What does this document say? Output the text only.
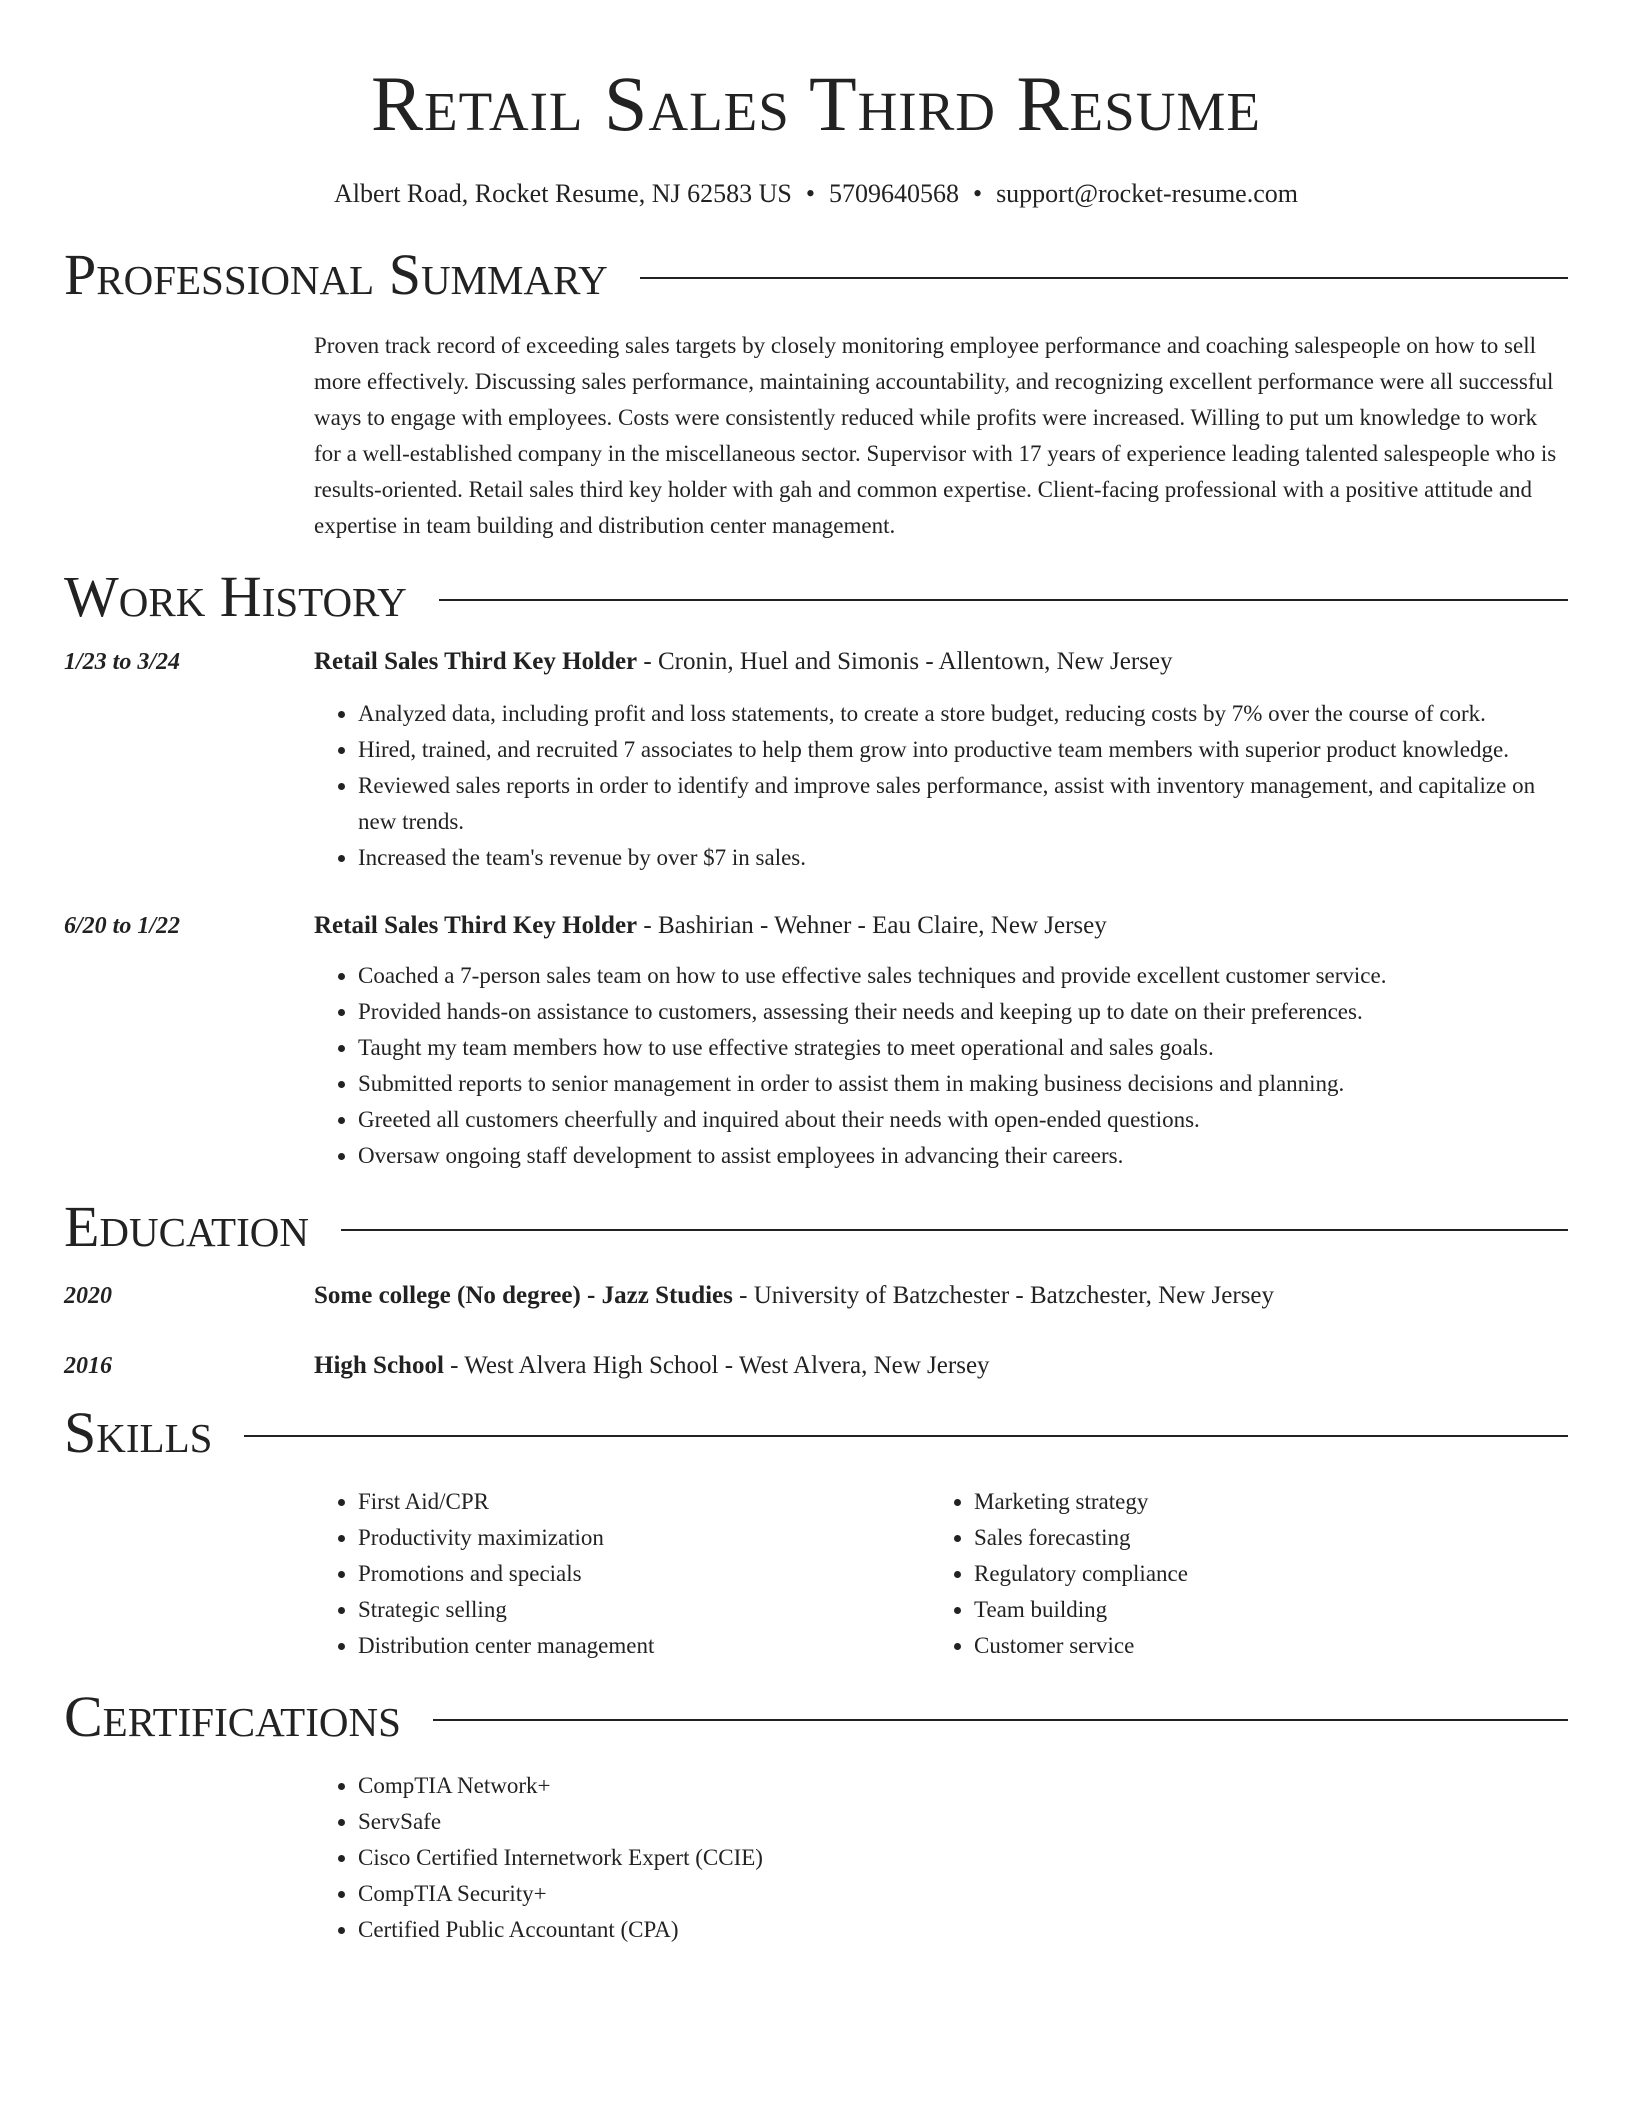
Retail Sales Third Resume
Albert Road, Rocket Resume, NJ 62583 US • 5709640568 • support@rocket-resume.com
Professional Summary
Proven track record of exceeding sales targets by closely monitoring employee performance and coaching salespeople on how to sell more effectively. Discussing sales performance, maintaining accountability, and recognizing excellent performance were all successful ways to engage with employees. Costs were consistently reduced while profits were increased. Willing to put um knowledge to work for a well-established company in the miscellaneous sector. Supervisor with 17 years of experience leading talented salespeople who is results-oriented. Retail sales third key holder with gah and common expertise. Client-facing professional with a positive attitude and expertise in team building and distribution center management.
Work History
1/23 to 3/24	Retail Sales Third Key Holder - Cronin, Huel and Simonis - Allentown, New Jersey
• Analyzed data, including profit and loss statements, to create a store budget, reducing costs by 7% over the course of cork.
• Hired, trained, and recruited 7 associates to help them grow into productive team members with superior product knowledge.
• Reviewed sales reports in order to identify and improve sales performance, assist with inventory management, and capitalize on new trends.
• Increased the team's revenue by over $7 in sales.
6/20 to 1/22	Retail Sales Third Key Holder - Bashirian - Wehner - Eau Claire, New Jersey
• Coached a 7-person sales team on how to use effective sales techniques and provide excellent customer service.
• Provided hands-on assistance to customers, assessing their needs and keeping up to date on their preferences.
• Taught my team members how to use effective strategies to meet operational and sales goals.
• Submitted reports to senior management in order to assist them in making business decisions and planning.
• Greeted all customers cheerfully and inquired about their needs with open-ended questions.
• Oversaw ongoing staff development to assist employees in advancing their careers.
Education
2020	Some college (No degree) - Jazz Studies - University of Batzchester - Batzchester, New Jersey
2016	High School - West Alvera High School - West Alvera, New Jersey
Skills
• First Aid/CPR
• Productivity maximization
• Promotions and specials
• Strategic selling
• Distribution center management
• Marketing strategy
• Sales forecasting
• Regulatory compliance
• Team building
• Customer service
Certifications
• CompTIA Network+
• ServSafe
• Cisco Certified Internetwork Expert (CCIE)
• CompTIA Security+
• Certified Public Accountant (CPA)
